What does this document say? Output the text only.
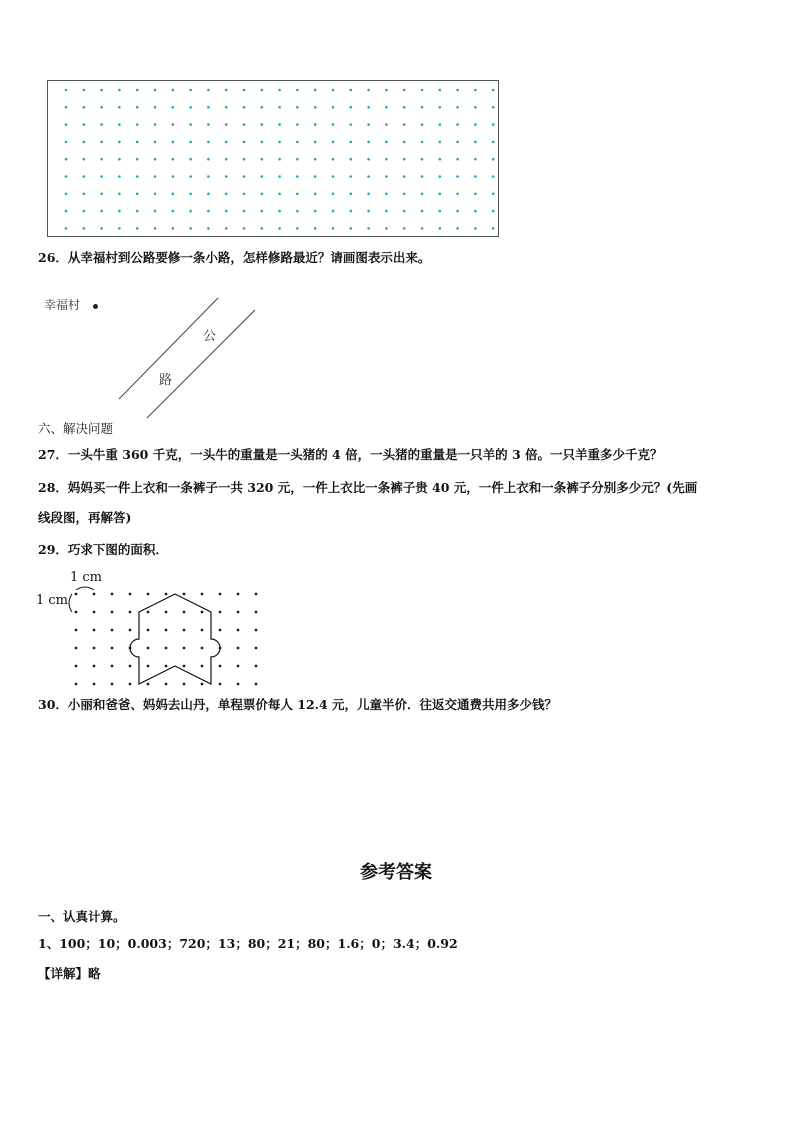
26．从幸福村到公路要修一条小路，怎样修路最近？请画图表示出来。
幸福村
公
路
六、解决问题
27．一头牛重 360 千克，一头牛的重量是一头猪的 4 倍，一头猪的重量是一只羊的 3 倍。一只羊重多少千克？
28．妈妈买一件上衣和一条裤子一共 320 元，一件上衣比一条裤子贵 40 元，一件上衣和一条裤子分别多少元？(先画
线段图，再解答)
29．巧求下图的面积．
1 cm
1 cm
30．小丽和爸爸、妈妈去山丹，单程票价每人 12.4 元，儿童半价．往返交通费共用多少钱？
参考答案
一、认真计算。
1、100；10；0.003；720；13；80；21；80；1.6；0；3.4；0.92
【详解】略
